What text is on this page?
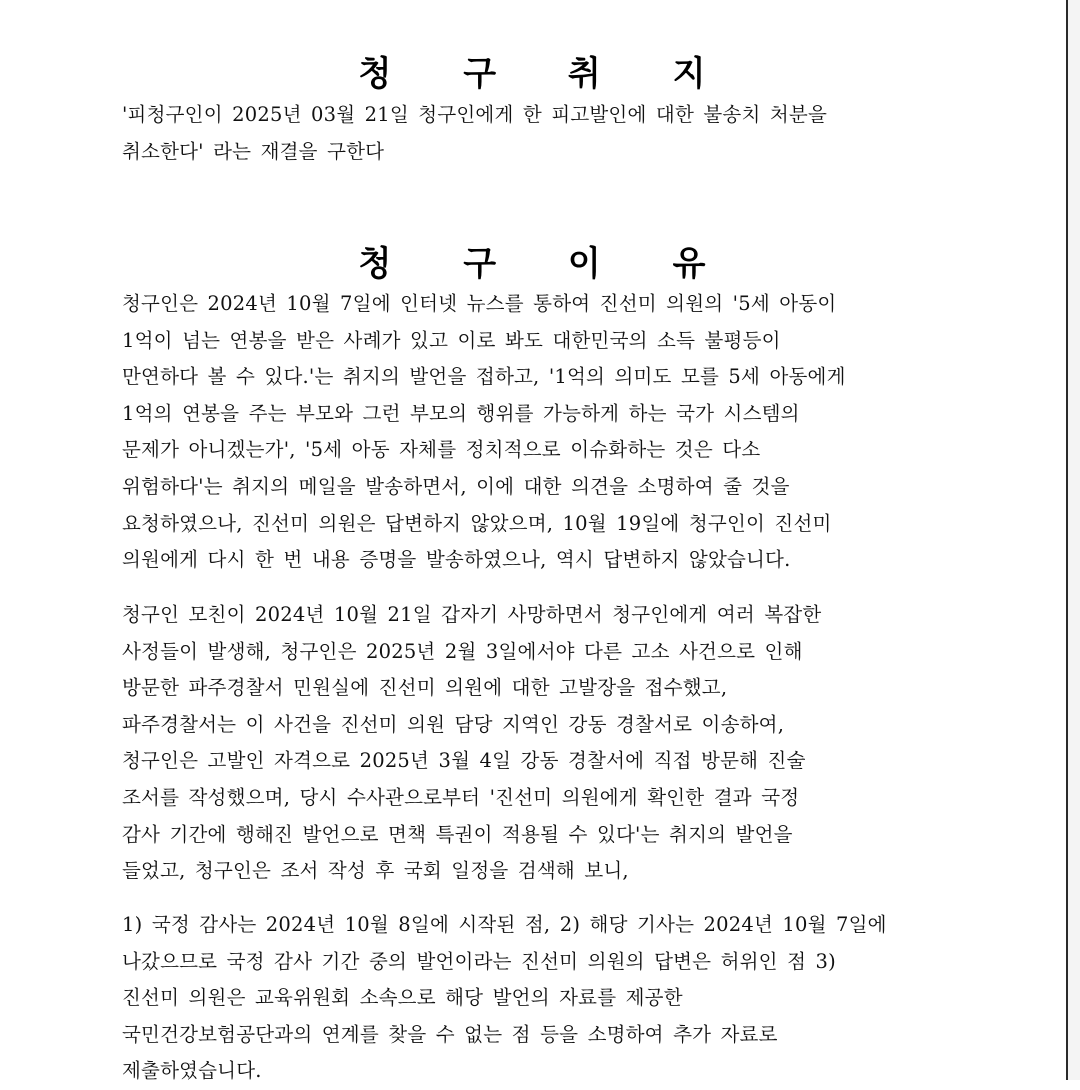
청 구 취 지
'피청구인이 2025년 03월 21일 청구인에게 한 피고발인에 대한 불송치 처분을
취소한다' 라는 재결을 구한다
청 구 이 유
청구인은 2024년 10월 7일에 인터넷 뉴스를 통하여 진선미 의원의 '5세 아동이
1억이 넘는 연봉을 받은 사례가 있고 이로 봐도 대한민국의 소득 불평등이
만연하다 볼 수 있다.'는 취지의 발언을 접하고, '1억의 의미도 모를 5세 아동에게
1억의 연봉을 주는 부모와 그런 부모의 행위를 가능하게 하는 국가 시스템의
문제가 아니겠는가', '5세 아동 자체를 정치적으로 이슈화하는 것은 다소
위험하다'는 취지의 메일을 발송하면서, 이에 대한 의견을 소명하여 줄 것을
요청하였으나, 진선미 의원은 답변하지 않았으며, 10월 19일에 청구인이 진선미
의원에게 다시 한 번 내용 증명을 발송하였으나, 역시 답변하지 않았습니다.
청구인 모친이 2024년 10월 21일 갑자기 사망하면서 청구인에게 여러 복잡한
사정들이 발생해, 청구인은 2025년 2월 3일에서야 다른 고소 사건으로 인해
방문한 파주경찰서 민원실에 진선미 의원에 대한 고발장을 접수했고,
파주경찰서는 이 사건을 진선미 의원 담당 지역인 강동 경찰서로 이송하여,
청구인은 고발인 자격으로 2025년 3월 4일 강동 경찰서에 직접 방문해 진술
조서를 작성했으며, 당시 수사관으로부터 '진선미 의원에게 확인한 결과 국정
감사 기간에 행해진 발언으로 면책 특권이 적용될 수 있다'는 취지의 발언을
들었고, 청구인은 조서 작성 후 국회 일정을 검색해 보니,
1) 국정 감사는 2024년 10월 8일에 시작된 점, 2) 해당 기사는 2024년 10월 7일에
나갔으므로 국정 감사 기간 중의 발언이라는 진선미 의원의 답변은 허위인 점 3)
진선미 의원은 교육위원회 소속으로 해당 발언의 자료를 제공한
국민건강보험공단과의 연계를 찾을 수 없는 점 등을 소명하여 추가 자료로
제출하였습니다.
